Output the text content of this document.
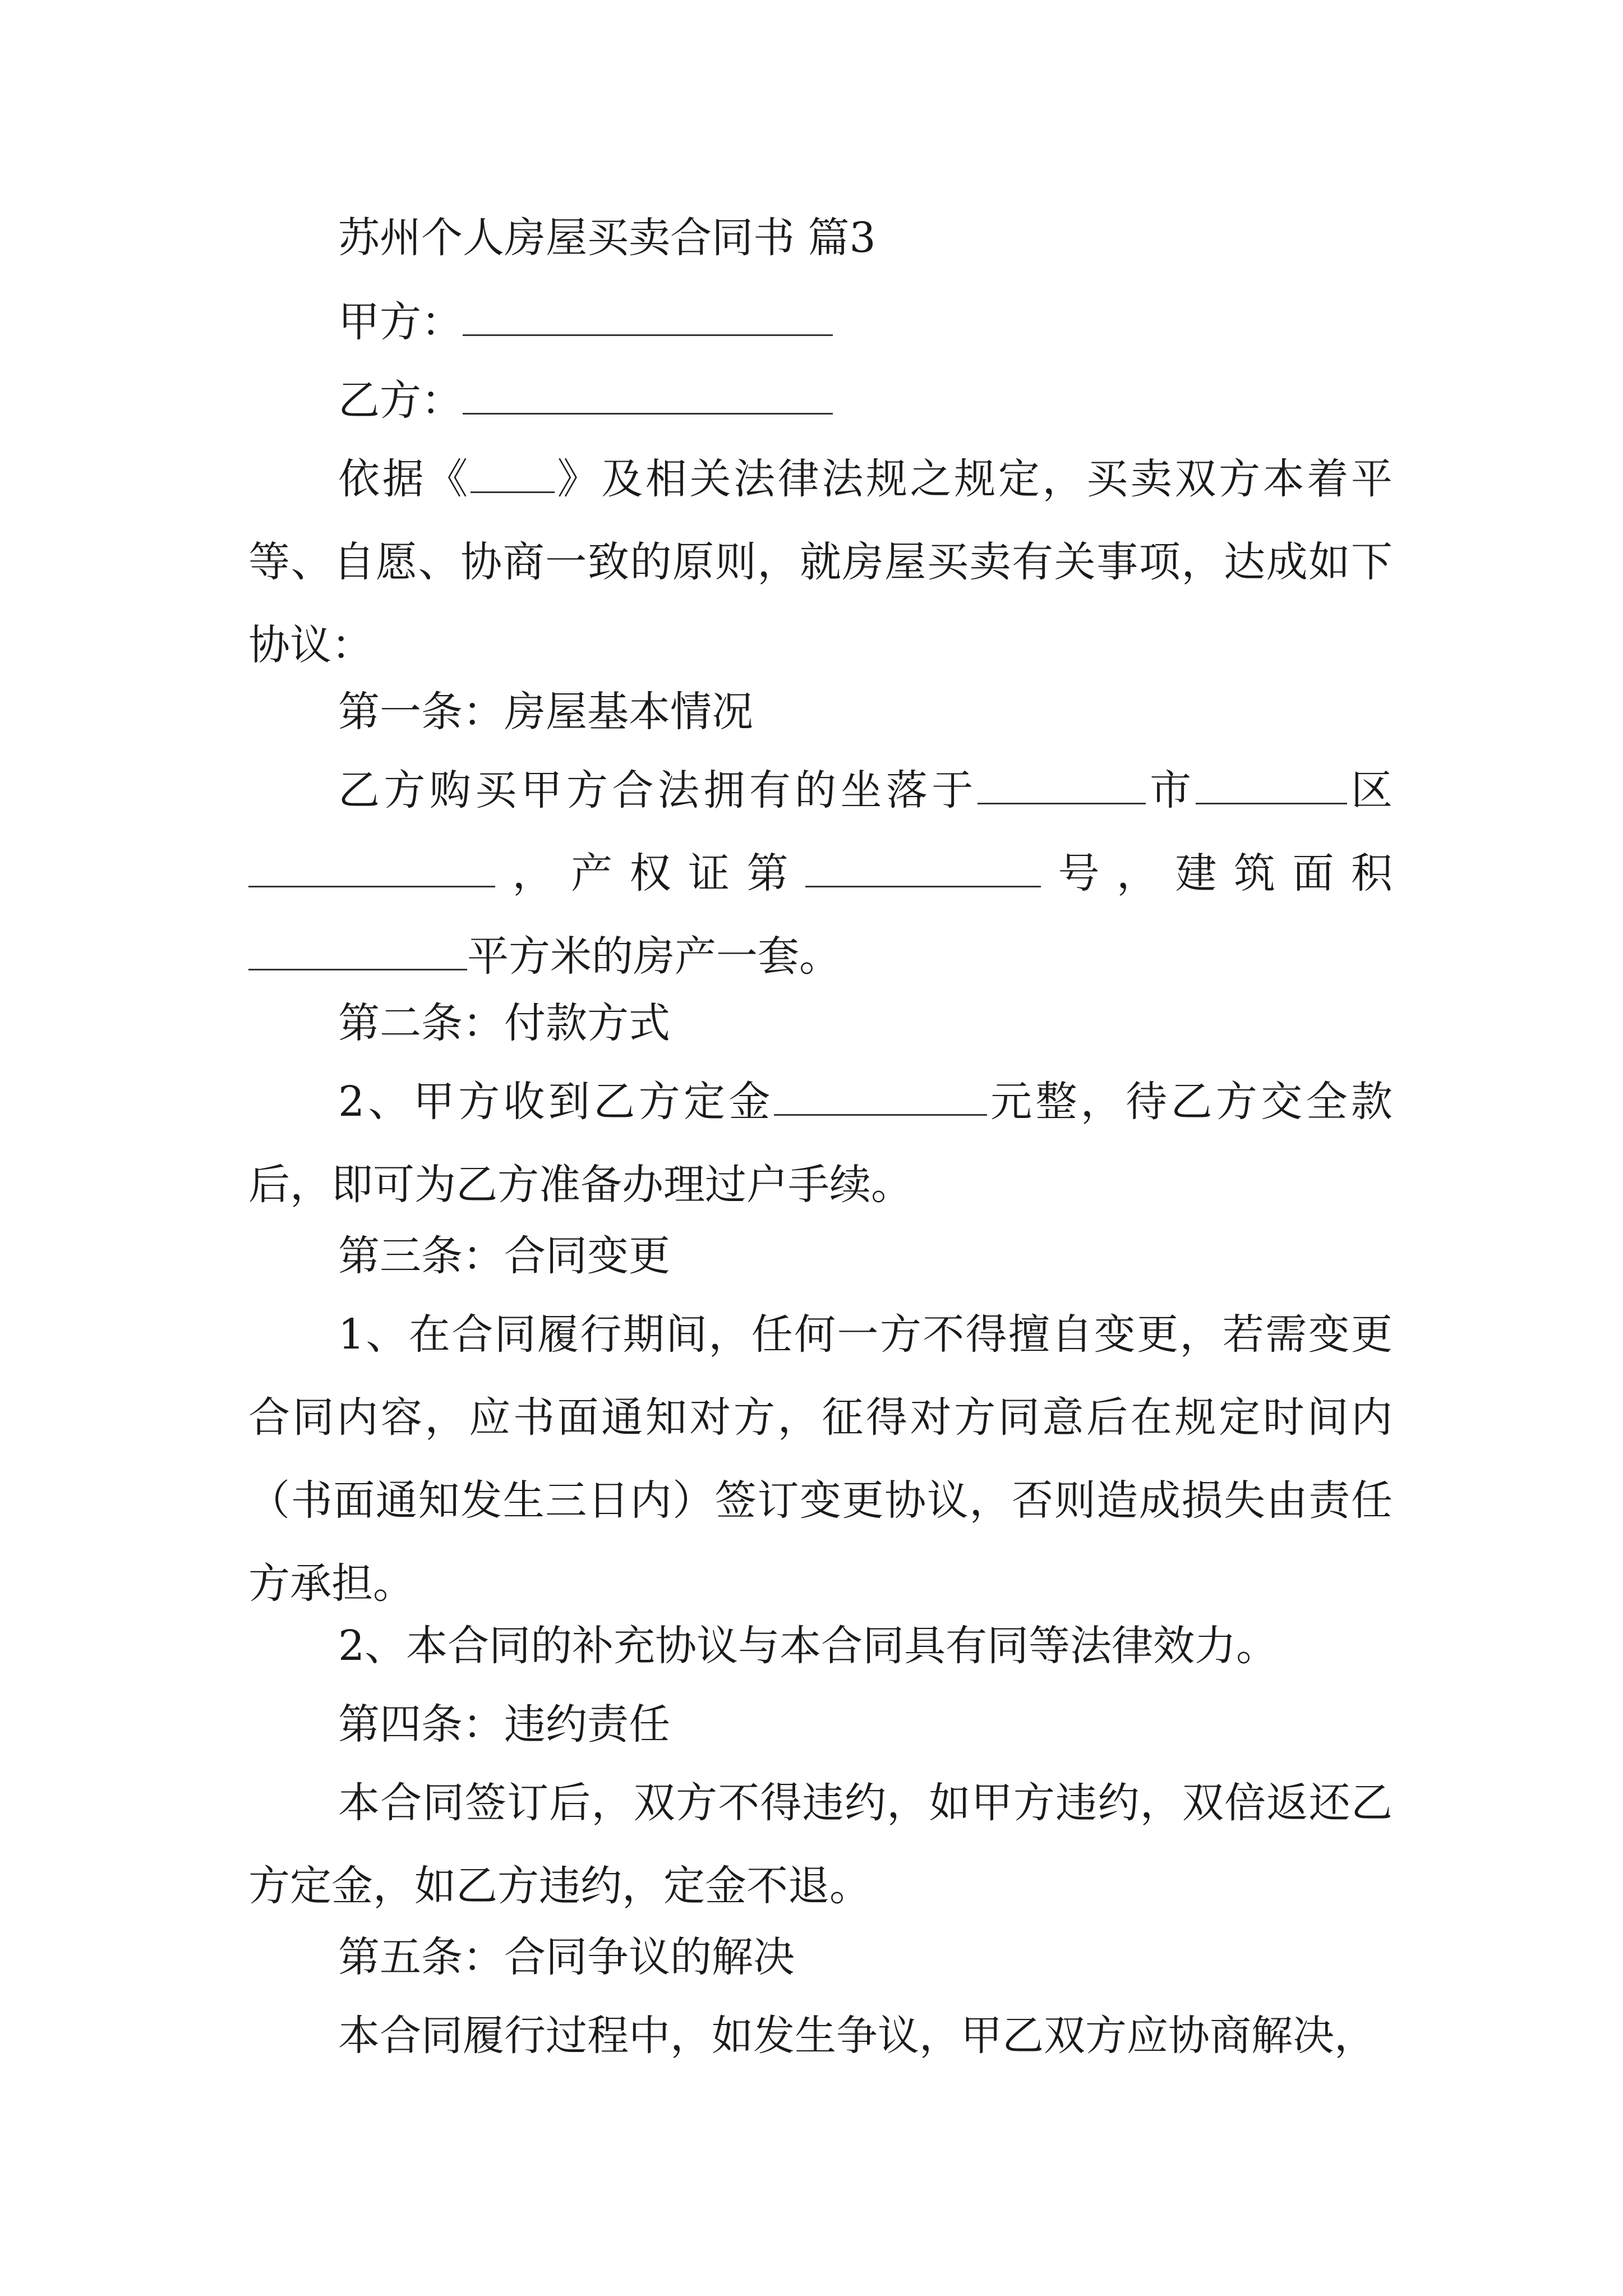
苏州个人房屋买卖合同书 篇3

甲方：

乙方：

依据《 》及相关法律法规之规定，买卖双方本着平等、自愿、协商一致的原则，就房屋买卖有关事项，达成如下协议：

第一条：房屋基本情况

乙方购买甲方合法拥有的坐落于	市	区，产权证第	号，建筑面积平方米的房产一套。

第二条：付款方式

2、甲方收到乙方定金	元整，待乙方交全款后，即可为乙方准备办理过户手续。

第三条：合同变更

1、在合同履行期间，任何一方不得擅自变更，若需变更合同内容，应书面通知对方，征得对方同意后在规定时间内（书面通知发生三日内）签订变更协议，否则造成损失由责任方承担。

2、本合同的补充协议与本合同具有同等法律效力。

第四条：违约责任

本合同签订后，双方不得违约，如甲方违约，双倍返还乙方定金，如乙方违约，定金不退。

第五条：合同争议的解决

本合同履行过程中，如发生争议，甲乙双方应协商解决，
